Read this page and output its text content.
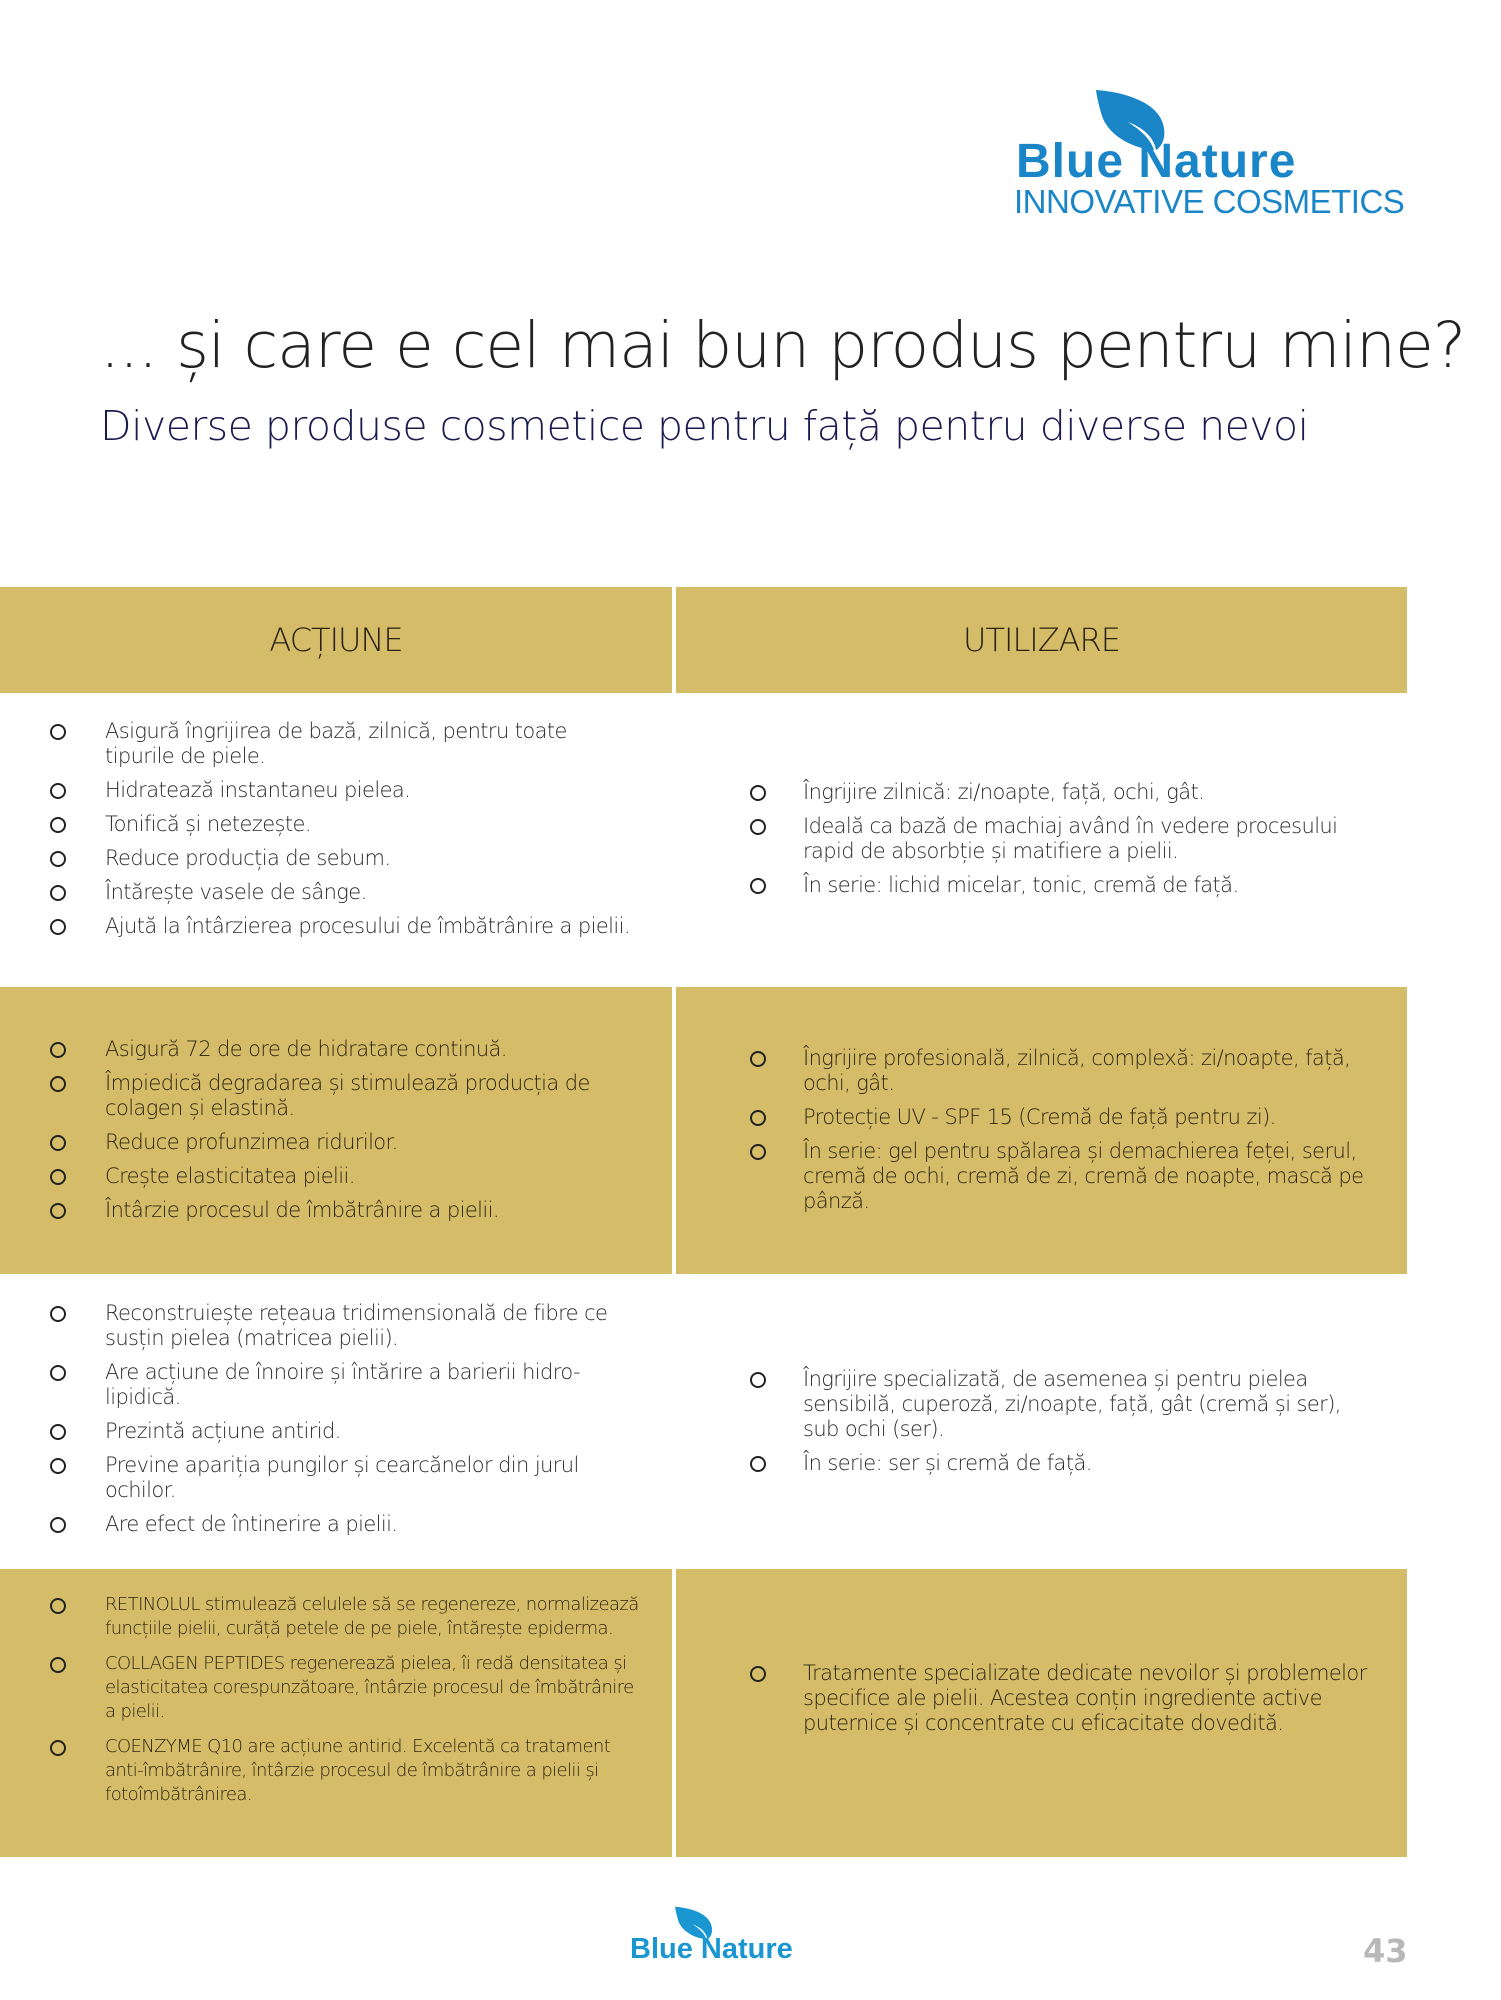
Blue Nature
INNOVATIVE COSMETICS
... și care e cel mai bun produs pentru mine?
Diverse produse cosmetice pentru față pentru diverse nevoi
ACȚIUNE	UTILIZARE
Asigură îngrijirea de bază, zilnică, pentru toate tipurile de piele.
Hidratează instantaneu pielea.
Tonifică și netezește.
Reduce producția de sebum.
Întărește vasele de sânge.
Ajută la întârzierea procesului de îmbătrânire a pielii.
Îngrijire zilnică: zi/noapte, față, ochi, gât.
Ideală ca bază de machiaj având în vedere procesului rapid de absorbție și matifiere a pielii.
În serie: lichid micelar, tonic, cremă de față.
Asigură 72 de ore de hidratare continuă.
Împiedică degradarea și stimulează producția de colagen și elastină.
Reduce profunzimea ridurilor.
Crește elasticitatea pielii.
Întârzie procesul de îmbătrânire a pielii.
Îngrijire profesională, zilnică, complexă: zi/noapte, față, ochi, gât.
Protecție UV - SPF 15 (Cremă de față pentru zi).
În serie: gel pentru spălarea și demachierea feței, serul, cremă de ochi, cremă de zi, cremă de noapte, mască pe pânză.
Reconstruiește rețeaua tridimensională de fibre ce susțin pielea (matricea pielii).
Are acțiune de înnoire și întărire a barierii hidro-lipidică.
Prezintă acțiune antirid.
Previne apariția pungilor și cearcănelor din jurul ochilor.
Are efect de întinerire a pielii.
Îngrijire specializată, de asemenea și pentru pielea sensibilă, cuperoză, zi/noapte, față, gât (cremă și ser), sub ochi (ser).
În serie: ser și cremă de față.
RETINOLUL stimulează celulele să se regenereze, normalizează funcțiile pielii, curăță petele de pe piele, întărește epiderma.
COLLAGEN PEPTIDES regenerează pielea, îi redă densitatea și elasticitatea corespunzătoare, întârzie procesul de îmbătrânire a pielii.
COENZYME Q10 are acțiune antirid. Excelentă ca tratament anti-îmbătrânire, întârzie procesul de îmbătrânire a pielii și fotoîmbătrânirea.
Tratamente specializate dedicate nevoilor și problemelor specifice ale pielii. Acestea conțin ingrediente active puternice și concentrate cu eficacitate dovedită.
Blue Nature	43
